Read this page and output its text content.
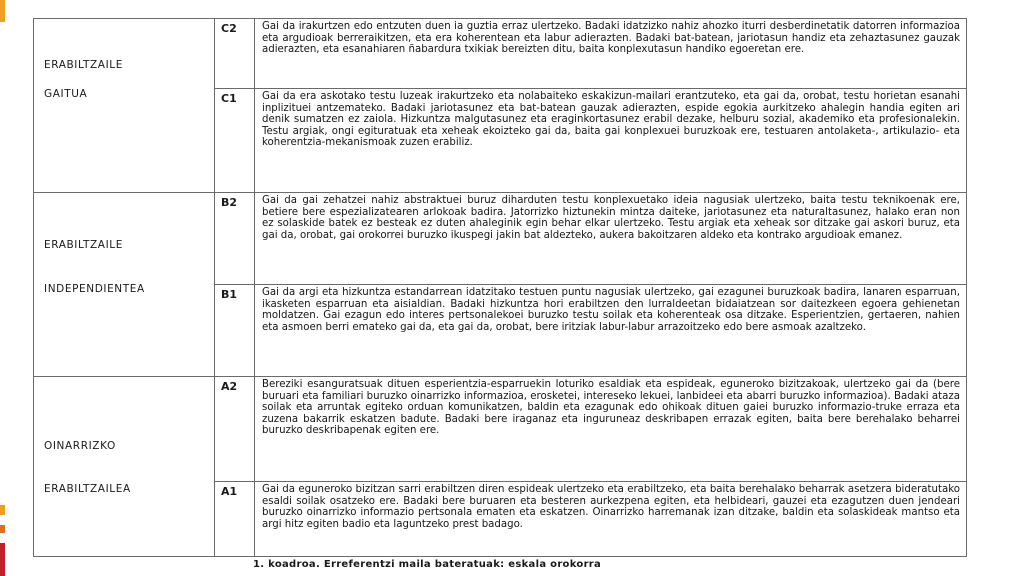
ERABILTZAILE
GAITUA	C2	Gai da irakurtzen edo entzuten duen ia guztia erraz ulertzeko. Badaki idatzizko nahiz ahozko iturri desberdinetatik datorren informazioa eta argudioak berreraikitzen, eta era koherentean eta labur adierazten. Badaki bat-batean, jariotasun handiz eta zehaztasunez gauzak adierazten, eta esanahiaren ñabardura txikiak bereizten ditu, baita konplexutasun handiko egoeretan ere.
	C1	Gai da era askotako testu luzeak irakurtzeko eta nolabaiteko eskakizun-mailari erantzuteko, eta gai da, orobat, testu horietan esanahi inplizituei antzemateko. Badaki jariotasunez eta bat-batean gauzak adierazten, espide egokia aurkitzeko ahalegin handia egiten ari denik sumatzen ez zaiola. Hizkuntza malgutasunez eta eraginkortasunez erabil dezake, helburu sozial, akademiko eta profesionalekin. Testu argiak, ongi egituratuak eta xeheak ekoizteko gai da, baita gai konplexuei buruzkoak ere, testuaren antolaketa-, artikulazio- eta koherentzia-mekanismoak zuzen erabiliz.

ERABILTZAILE
INDEPENDIENTEA	B2	Gai da gai zehatzei nahiz abstraktuei buruz diharduten testu konplexuetako ideia nagusiak ulertzeko, baita testu teknikoenak ere, betiere bere espezializatearen arlokoak badira. Jatorrizko hiztunekin mintza daiteke, jariotasunez eta naturaltasunez, halako eran non ez solaskide batek ez besteak ez duten ahaleginik egin behar elkar ulertzeko. Testu argiak eta xeheak sor ditzake gai askori buruz, eta gai da, orobat, gai orokorrei buruzko ikuspegi jakin bat aldezteko, aukera bakoitzaren aldeko eta kontrako argudioak emanez.
	B1	Gai da argi eta hizkuntza estandarrean idatzitako testuen puntu nagusiak ulertzeko, gai ezagunei buruzkoak badira, lanaren esparruan, ikasketen esparruan eta aisialdian. Badaki hizkuntza hori erabiltzen den lurraldeetan bidaiatzean sor daitezkeen egoera gehienetan moldatzen. Gai ezagun edo interes pertsonalekoei buruzko testu soilak eta koherenteak osa ditzake. Esperientzien, gertaeren, nahien eta asmoen berri emateko gai da, eta gai da, orobat, bere iritziak labur-labur arrazoitzeko edo bere asmoak azaltzeko.

OINARRIZKO
ERABILTZAILEA	A2	Bereziki esanguratsuak dituen esperientzia-esparruekin loturiko esaldiak eta espideak, eguneroko bizitzakoak, ulertzeko gai da (bere buruari eta familiari buruzko oinarrizko informazioa, erosketei, intereseko lekuei, lanbideei eta abarri buruzko informazioa). Badaki ataza soilak eta arruntak egiteko orduan komunikatzen, baldin eta ezagunak edo ohikoak dituen gaiei buruzko informazio-truke erraza eta zuzena bakarrik eskatzen badute. Badaki bere iraganaz eta inguruneaz deskribapen errazak egiten, baita bere berehalako beharrei buruzko deskribapenak egiten ere.
	A1	Gai da eguneroko bizitzan sarri erabiltzen diren espideak ulertzeko eta erabiltzeko, eta baita berehalako beharrak asetzera bideratutako esaldi soilak osatzeko ere. Badaki bere buruaren eta besteren aurkezpena egiten, eta helbideari, gauzei eta ezagutzen duen jendeari buruzko oinarrizko informazio pertsonala ematen eta eskatzen. Oinarrizko harremanak izan ditzake, baldin eta solaskideak mantso eta argi hitz egiten badio eta laguntzeko prest badago.
1. koadroa. Erreferentzi maila bateratuak: eskala orokorra
